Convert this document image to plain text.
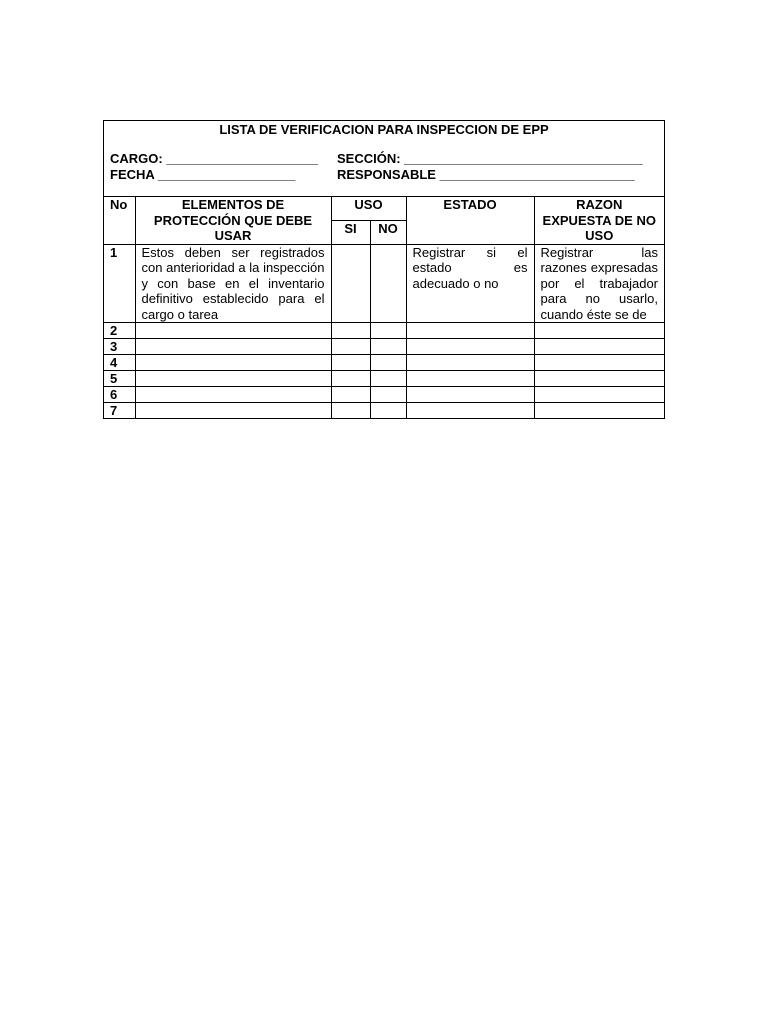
LISTA DE VERIFICACION PARA INSPECCION DE EPP
CARGO: _____________________ SECCIÓN: _________________________________
FECHA ___________________	RESPONSABLE ___________________________
No	ELEMENTOS DE PROTECCIÓN QUE DEBE USAR	USO		ESTADO	RAZON EXPUESTA DE NO USO
		SI	NO		
1	Estos deben ser registrados con anterioridad a la inspección y con base en el inventario definitivo establecido para el cargo o tarea			Registrar si el estado es adecuado o no	Registrar las razones expresadas por el trabajador para no usarlo, cuando éste se de
2					
3					
4					
5					
6					
7					
